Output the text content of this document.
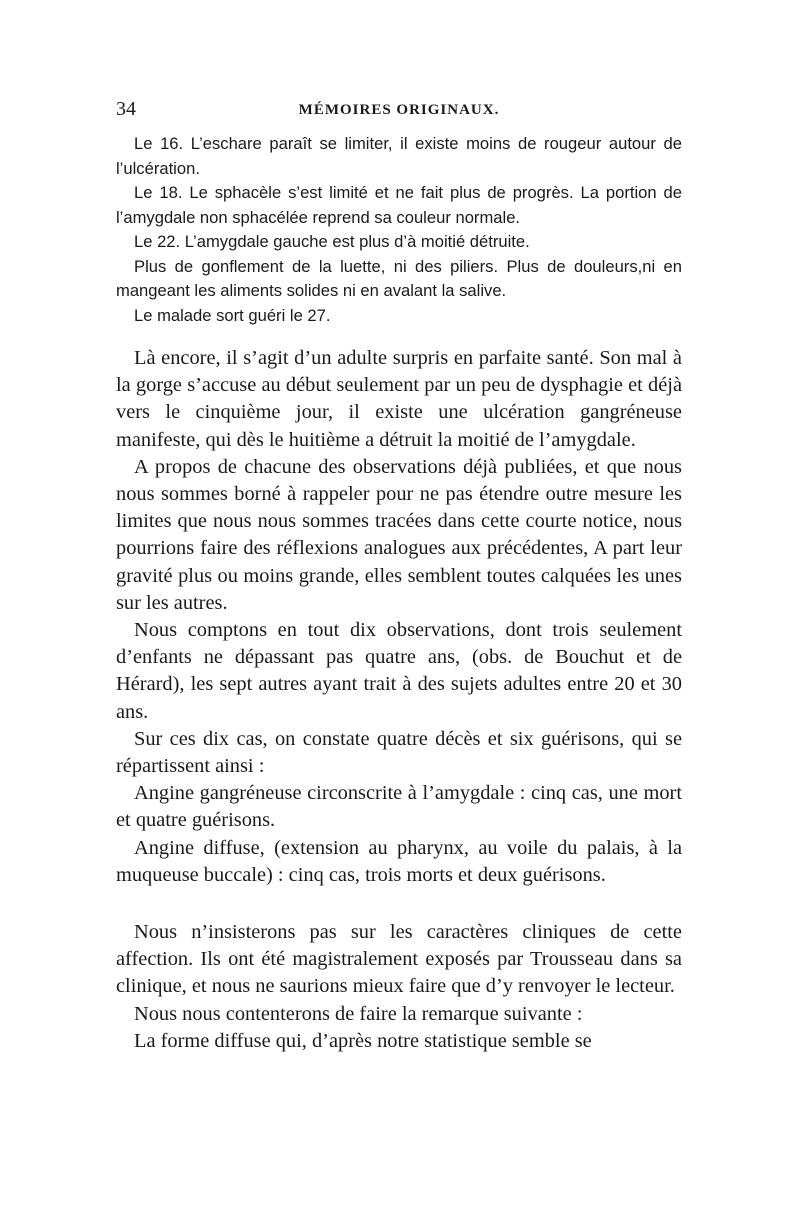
34	MÉMOIRES ORIGINAUX.

Le 16. L’eschare paraît se limiter, il existe moins de rougeur autour de l’ulcération.

Le 18. Le sphacèle s’est limité et ne fait plus de progrès. La portion de l’amygdale non sphacélée reprend sa couleur normale.

Le 22. L’amygdale gauche est plus d’à moitié détruite.

Plus de gonflement de la luette, ni des piliers. Plus de douleurs,ni en mangeant les aliments solides ni en avalant la salive.

Le malade sort guéri le 27.

Là encore, il s’agit d’un adulte surpris en parfaite santé. Son mal à la gorge s’accuse au début seulement par un peu de dysphagie et déjà vers le cinquième jour, il existe une ulcération gangréneuse manifeste, qui dès le huitième a détruit la moitié de l’amygdale.

A propos de chacune des observations déjà publiées, et que nous nous sommes borné à rappeler pour ne pas étendre outre mesure les limites que nous nous sommes tracées dans cette courte notice, nous pourrions faire des réflexions analogues aux précédentes, A part leur gravité plus ou moins grande, elles semblent toutes calquées les unes sur les autres.

Nous comptons en tout dix observations, dont trois seulement d’enfants ne dépassant pas quatre ans, (obs. de Bouchut et de Hérard), les sept autres ayant trait à des sujets adultes entre 20 et 30 ans.

Sur ces dix cas, on constate quatre décès et six guérisons, qui se répartissent ainsi :

Angine gangréneuse circonscrite à l’amygdale : cinq cas, une mort et quatre guérisons.

Angine diffuse, (extension au pharynx, au voile du palais, à la muqueuse buccale) : cinq cas, trois morts et deux guérisons.

Nous n’insisterons pas sur les caractères cliniques de cette affection. Ils ont été magistralement exposés par Trousseau dans sa clinique, et nous ne saurions mieux faire que d’y renvoyer le lecteur.

Nous nous contenterons de faire la remarque suivante :

La forme diffuse qui, d’après notre statistique semble se
